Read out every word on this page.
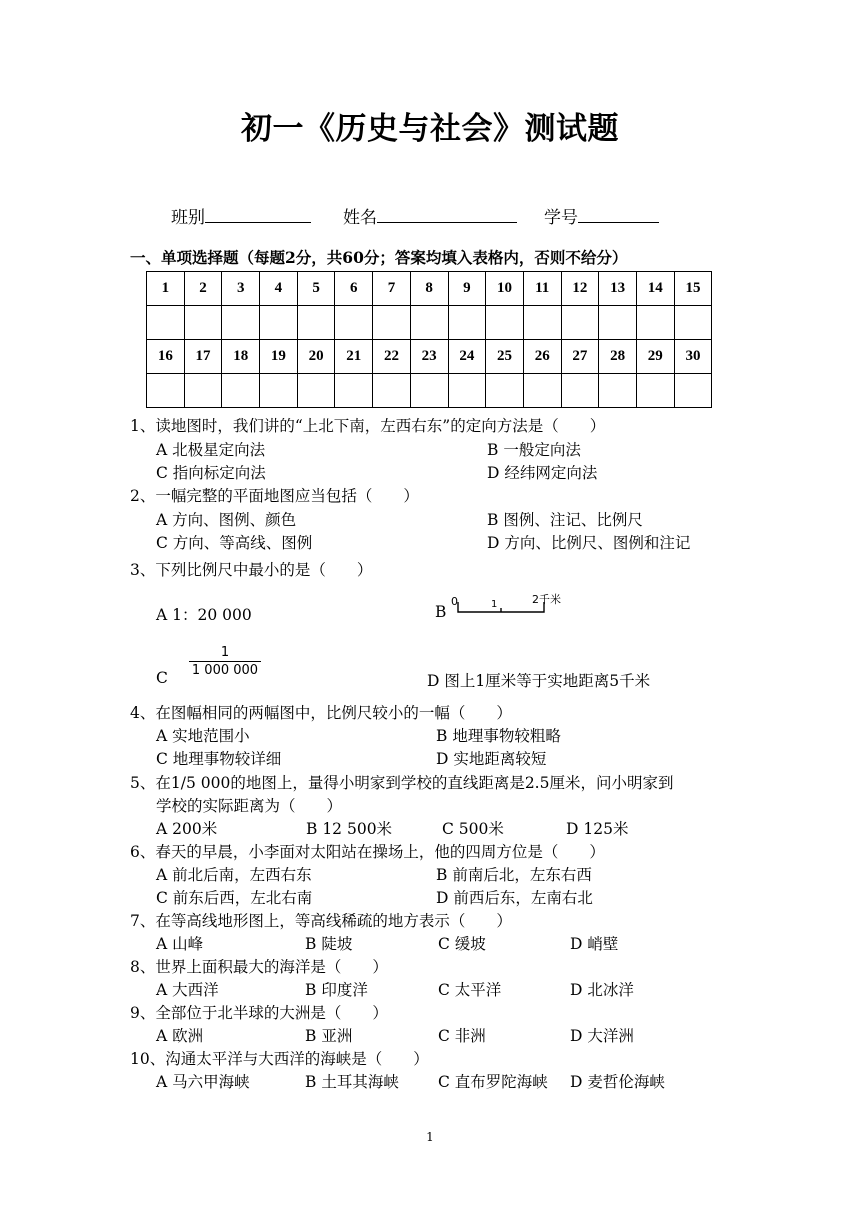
初一《历史与社会》测试题
班别	姓名	学号
一、单项选择题（每题2分，共60分；答案均填入表格内，否则不给分）
1	2	3	4	5	6	7	8	9	10	11	12	13	14	15

16	17	18	19	20	21	22	23	24	25	26	27	28	29	30

1、读地图时，我们讲的“上北下南，左西右东”的定向方法是（　　）
A 北极星定向法	B 一般定向法
C 指向标定向法	D 经纬网定向法
2、一幅完整的平面地图应当包括（　　）
A 方向、图例、颜色	B 图例、注记、比例尺
C 方向、等高线、图例	D 方向、比例尺、图例和注记
3、下列比例尺中最小的是（　　）
A 1：20 000	B
0	1	2千米
C $\frac{1}{1 000 000}$
D 图上1厘米等于实地距离5千米
4、在图幅相同的两幅图中，比例尺较小的一幅（　　）
A 实地范围小	B 地理事物较粗略
C 地理事物较详细	D 实地距离较短
5、在1/5 000的地图上，量得小明家到学校的直线距离是2.5厘米，问小明家到
学校的实际距离为（　　）
A 200米	B 12 500米	C 500米	D 125米
6、春天的早晨，小李面对太阳站在操场上，他的四周方位是（　　）
A 前北后南，左西右东	B 前南后北，左东右西
C 前东后西，左北右南	D 前西后东，左南右北
7、在等高线地形图上，等高线稀疏的地方表示（　　）
A 山峰	B 陡坡	C 缓坡	D 峭壁
8、世界上面积最大的海洋是（　　）
A 大西洋	B 印度洋	C 太平洋	D 北冰洋
9、全部位于北半球的大洲是（　　）
A 欧洲	B 亚洲	C 非洲	D 大洋洲
10、沟通太平洋与大西洋的海峡是（　　）
A 马六甲海峡	B 土耳其海峡	C 直布罗陀海峡 D 麦哲伦海峡
1
